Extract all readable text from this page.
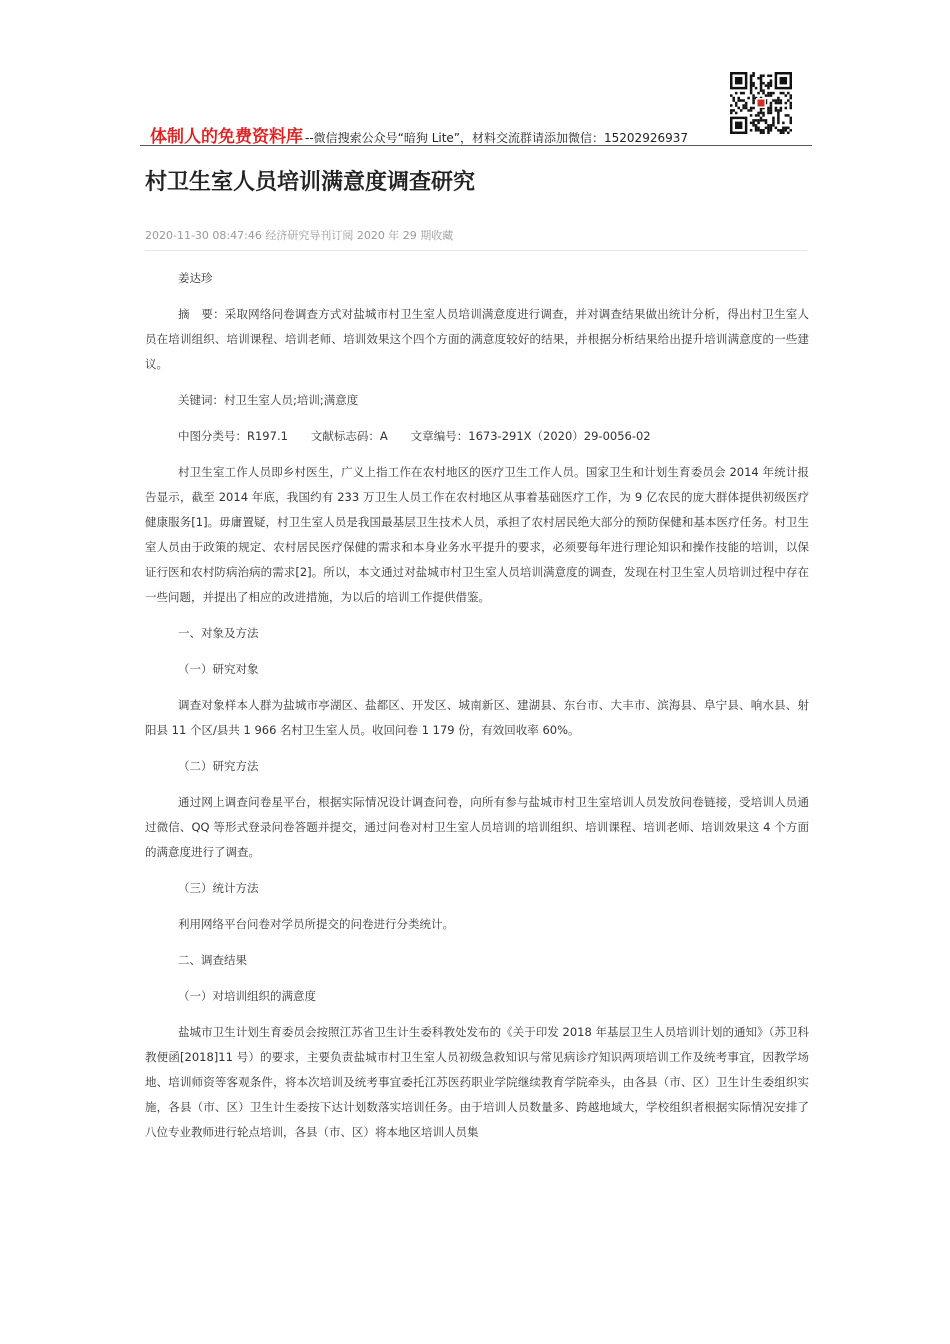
体制人的免费资料库 --微信搜索公众号“暗狗 Lite”，材料交流群请添加微信：15202926937
村卫生室人员培训满意度调查研究
2020-11-30 08:47:46 经济研究导刊订阅 2020 年 29 期收藏

姜达珍

摘　要：采取网络问卷调查方式对盐城市村卫生室人员培训满意度进行调查，并对调查结果做出统计分析，得出村卫生室人员在培训组织、培训课程、培训老师、培训效果这个四个方面的满意度较好的结果，并根据分析结果给出提升培训满意度的一些建议。

关键词：村卫生室人员;培训;满意度

中图分类号：R197.1　　文献标志码：A　　文章编号：1673-291X（2020）29-0056-02

村卫生室工作人员即乡村医生，广义上指工作在农村地区的医疗卫生工作人员。国家卫生和计划生育委员会 2014 年统计报告显示，截至 2014 年底，我国约有 233 万卫生人员工作在农村地区从事着基础医疗工作，为 9 亿农民的庞大群体提供初级医疗健康服务[1]。毋庸置疑，村卫生室人员是我国最基层卫生技术人员，承担了农村居民绝大部分的预防保健和基本医疗任务。村卫生室人员由于政策的规定、农村居民医疗保健的需求和本身业务水平提升的要求，必须要每年进行理论知识和操作技能的培训，以保证行医和农村防病治病的需求[2]。所以，本文通过对盐城市村卫生室人员培训满意度的调查，发现在村卫生室人员培训过程中存在一些问题，并提出了相应的改进措施，为以后的培训工作提供借鉴。

一、对象及方法

（一）研究对象

调查对象样本人群为盐城市亭湖区、盐都区、开发区、城南新区、建湖县、东台市、大丰市、滨海县、阜宁县、响水县、射阳县 11 个区/县共 1 966 名村卫生室人员。收回问卷 1 179 份，有效回收率 60%。

（二）研究方法

通过网上调查问卷星平台，根据实际情况设计调查问卷，向所有参与盐城市村卫生室培训人员发放问卷链接，受培训人员通过微信、QQ 等形式登录问卷答题并提交，通过问卷对村卫生室人员培训的培训组织、培训课程、培训老师、培训效果这 4 个方面的满意度进行了调查。

（三）统计方法

利用网络平台问卷对学员所提交的问卷进行分类统计。

二、调查结果

（一）对培训组织的满意度

盐城市卫生计划生育委员会按照江苏省卫生计生委科教处发布的《关于印发 2018 年基层卫生人员培训计划的通知》（苏卫科教便函[2018]11 号）的要求，主要负责盐城市村卫生室人员初级急救知识与常见病诊疗知识两项培训工作及统考事宜，因教学场地、培训师资等客观条件，将本次培训及统考事宜委托江苏医药职业学院继续教育学院牵头，由各县（市、区）卫生计生委组织实施，各县（市、区）卫生计生委按下达计划数落实培训任务。由于培训人员数量多、跨越地域大，学校组织者根据实际情况安排了八位专业教师进行轮点培训，各县（市、区）将本地区培训人员集
